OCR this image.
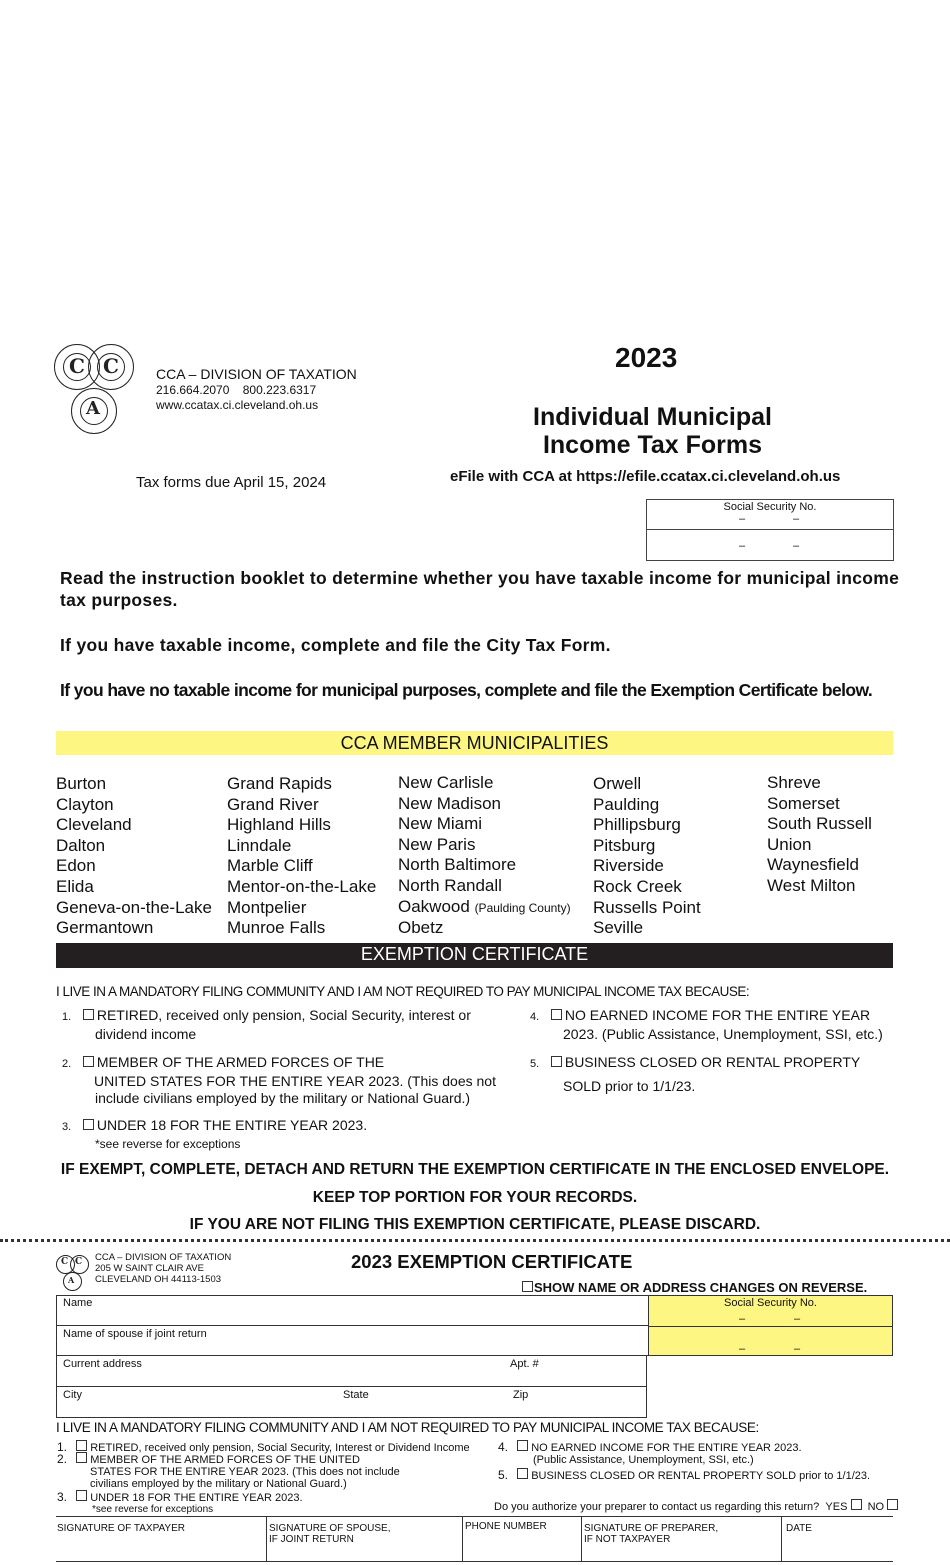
C C
A
CCA – DIVISION OF TAXATION
216.664.2070 800.223.6317
www.ccatax.ci.cleveland.oh.us
2023
Individual Municipal
Income Tax Forms
Tax forms due April 15, 2024	eFile with CCA at https://efile.ccatax.ci.cleveland.oh.us
Social Security No.
–	–
–	–
Read the instruction booklet to determine whether you have taxable income for municipal income tax purposes.
If you have taxable income, complete and file the City Tax Form.
If you have no taxable income for municipal purposes, complete and file the Exemption Certificate below.
CCA MEMBER MUNICIPALITIES
Burton
Clayton
Cleveland
Dalton
Edon
Elida
Geneva-on-the-Lake
Germantown
Grand Rapids
Grand River
Highland Hills
Linndale
Marble Cliff
Mentor-on-the-Lake
Montpelier
Munroe Falls
New Carlisle
New Madison
New Miami
New Paris
North Baltimore
North Randall
Oakwood (Paulding County)
Obetz
Orwell
Paulding
Phillipsburg
Pitsburg
Riverside
Rock Creek
Russells Point
Seville
Shreve
Somerset
South Russell
Union
Waynesfield
West Milton
EXEMPTION CERTIFICATE
I LIVE IN A MANDATORY FILING COMMUNITY AND I AM NOT REQUIRED TO PAY MUNICIPAL INCOME TAX BECAUSE:
1. RETIRED, received only pension, Social Security, interest or
dividend income
2. MEMBER OF THE ARMED FORCES OF THE
UNITED STATES FOR THE ENTIRE YEAR 2023. (This does not
include civilians employed by the military or National Guard.)
3. UNDER 18 FOR THE ENTIRE YEAR 2023.
*see reverse for exceptions
4. NO EARNED INCOME FOR THE ENTIRE YEAR
2023. (Public Assistance, Unemployment, SSI, etc.)
5. BUSINESS CLOSED OR RENTAL PROPERTY
SOLD prior to 1/1/23.
IF EXEMPT, COMPLETE, DETACH AND RETURN THE EXEMPTION CERTIFICATE IN THE ENCLOSED ENVELOPE.
KEEP TOP PORTION FOR YOUR RECORDS.
IF YOU ARE NOT FILING THIS EXEMPTION CERTIFICATE, PLEASE DISCARD.
C C
A
CCA – DIVISION OF TAXATION
205 W SAINT CLAIR AVE
CLEVELAND OH 44113-1503
2023 EXEMPTION CERTIFICATE
SHOW NAME OR ADDRESS CHANGES ON REVERSE.
Social Security No.
–	–
–	–
Name
Name of spouse if joint return
Current address	Apt. #
City	State	Zip
I LIVE IN A MANDATORY FILING COMMUNITY AND I AM NOT REQUIRED TO PAY MUNICIPAL INCOME TAX BECAUSE:
1. RETIRED, received only pension, Social Security, Interest or Dividend Income
2. MEMBER OF THE ARMED FORCES OF THE UNITED
STATES FOR THE ENTIRE YEAR 2023. (This does not include
civilians employed by the military or National Guard.)
3. UNDER 18 FOR THE ENTIRE YEAR 2023.
*see reverse for exceptions
4. NO EARNED INCOME FOR THE ENTIRE YEAR 2023.
(Public Assistance, Unemployment, SSI, etc.)
5. BUSINESS CLOSED OR RENTAL PROPERTY SOLD prior to 1/1/23.
Do you authorize your preparer to contact us regarding this return? YES NO
SIGNATURE OF TAXPAYER	SIGNATURE OF SPOUSE,
IF JOINT RETURN
PHONE NUMBER	SIGNATURE OF PREPARER,
IF NOT TAXPAYER
DATE
